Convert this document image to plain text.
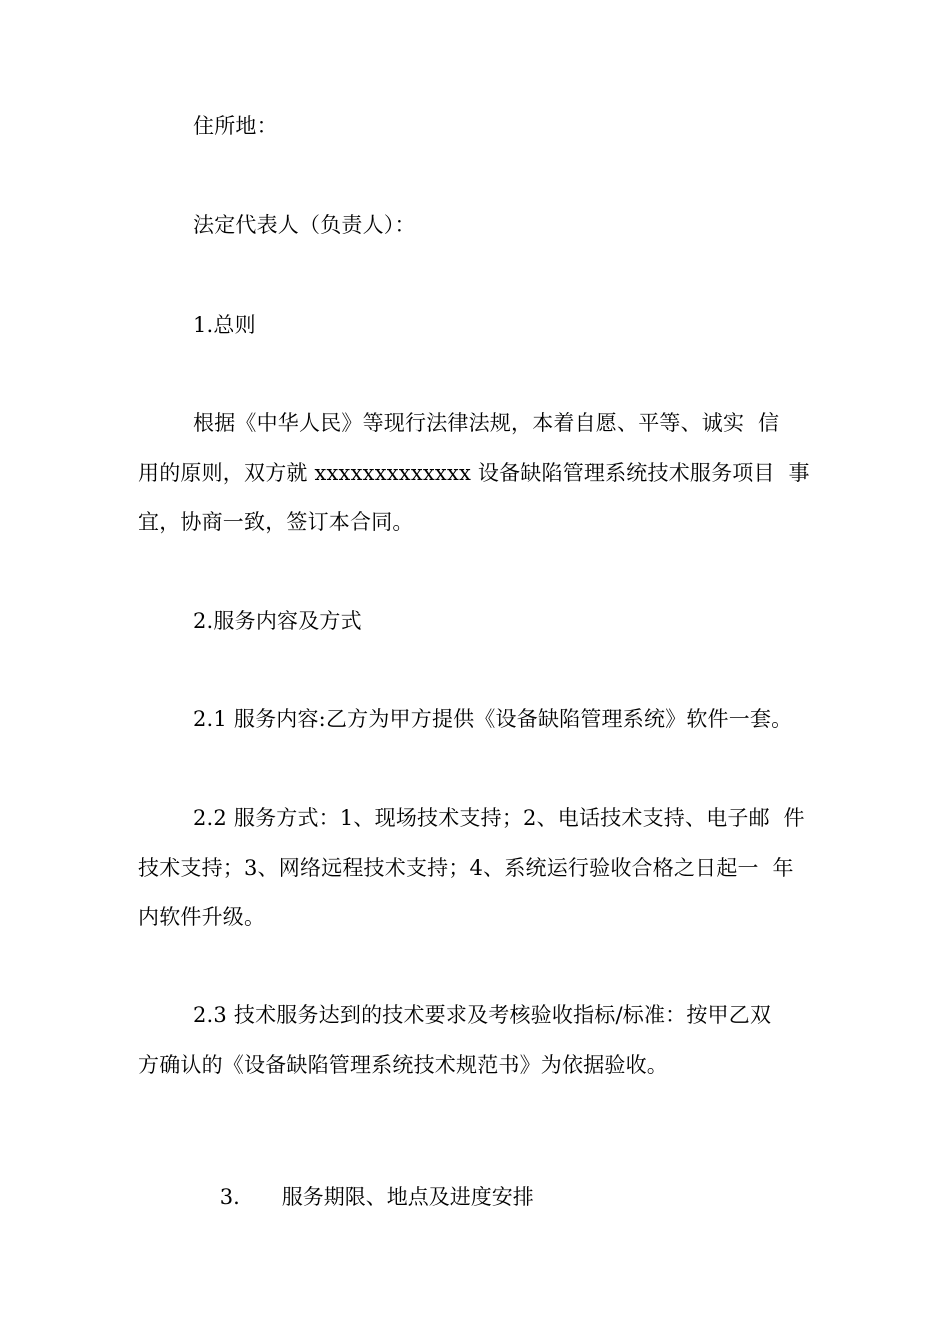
住所地：
法定代表人（负责人）：
1.总则
根据《中华人民》等现行法律法规，本着自愿、平等、诚实  信
用的原则，双方就 xxxxxxxxxxxxx 设备缺陷管理系统技术服务项目  事
宜，协商一致，签订本合同。
2.服务内容及方式
2.1 服务内容:乙方为甲方提供《设备缺陷管理系统》软件一套。
2.2 服务方式：1、现场技术支持；2、电话技术支持、电子邮  件
技术支持；3、网络远程技术支持；4、系统运行验收合格之日起一  年
内软件升级。
2.3 技术服务达到的技术要求及考核验收指标/标准：按甲乙双
方确认的《设备缺陷管理系统技术规范书》为依据验收。

3. 服务期限、地点及进度安排
